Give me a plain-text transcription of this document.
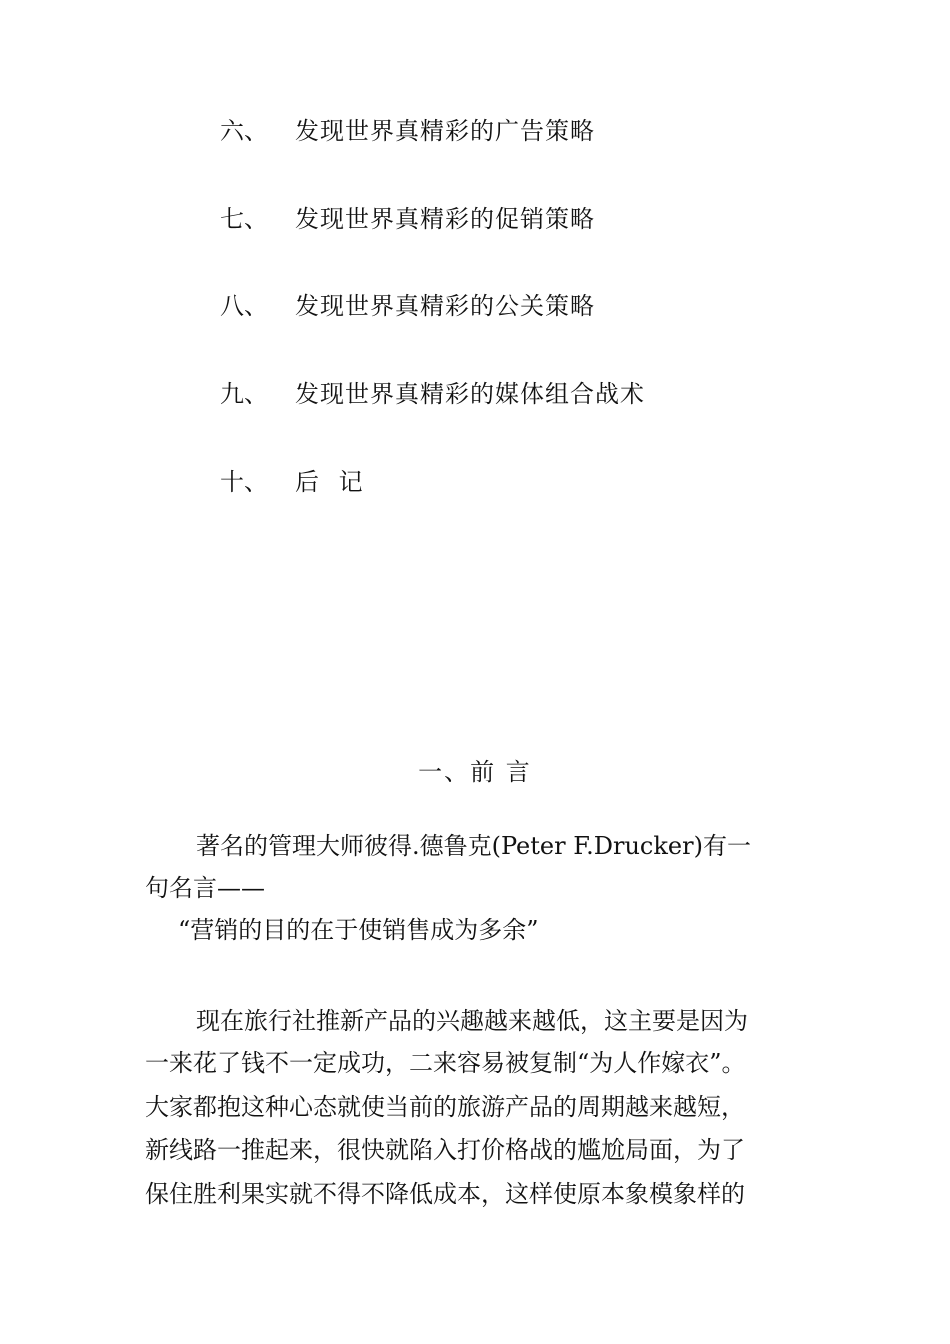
六、 发现世界真精彩的广告策略
七、 发现世界真精彩的促销策略
八、 发现世界真精彩的公关策略
九、 发现世界真精彩的媒体组合战术
十、 后 记
一、前 言
著名的管理大师彼得.德鲁克(Peter F.Drucker)有一
句名言——
“营销的目的在于使销售成为多余”
现在旅行社推新产品的兴趣越来越低，这主要是因为
一来花了钱不一定成功，二来容易被复制“为人作嫁衣”。
大家都抱这种心态就使当前的旅游产品的周期越来越短，
新线路一推起来，很快就陷入打价格战的尴尬局面，为了
保住胜利果实就不得不降低成本，这样使原本象模象样的
